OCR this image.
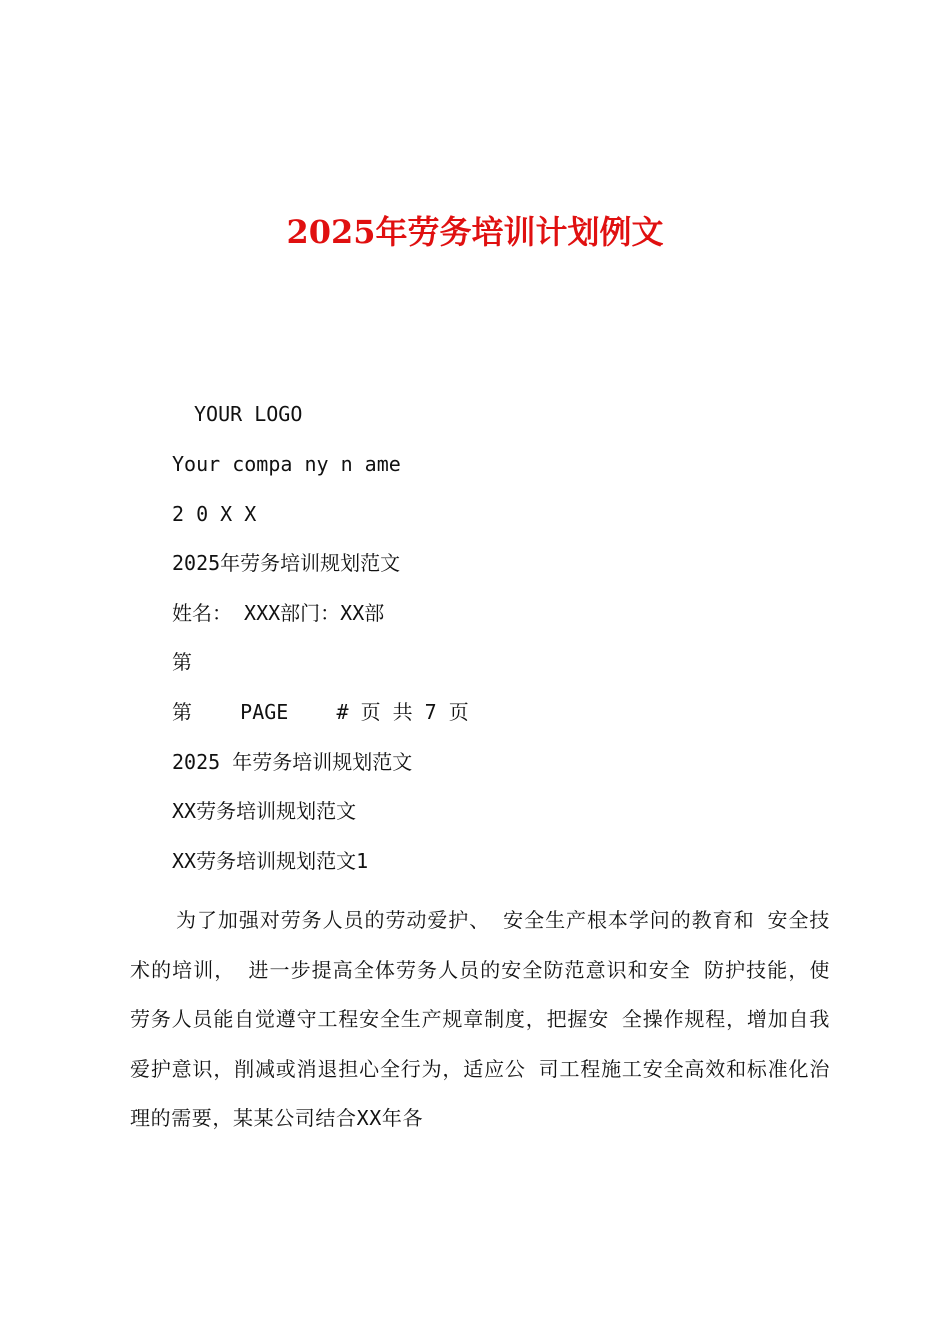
2025年劳务培训计划例文

YOUR LOGO

Your compa ny n ame

2 0 X X

2025年劳务培训规划范文

姓名： XXX部门：XX部

第

第    PAGE    # 页 共 7 页

2025 年劳务培训规划范文

XX劳务培训规划范文

XX劳务培训规划范文1

为了加强对劳务人员的劳动爱护、 安全生产根本学问的教育和 安全技术的培训， 进一步提高全体劳务人员的安全防范意识和安全 防护技能，使劳务人员能自觉遵守工程安全生产规章制度，把握安 全操作规程，增加自我爱护意识，削减或消退担心全行为，适应公 司工程施工安全高效和标准化治理的需要，某某公司结合XX年各
